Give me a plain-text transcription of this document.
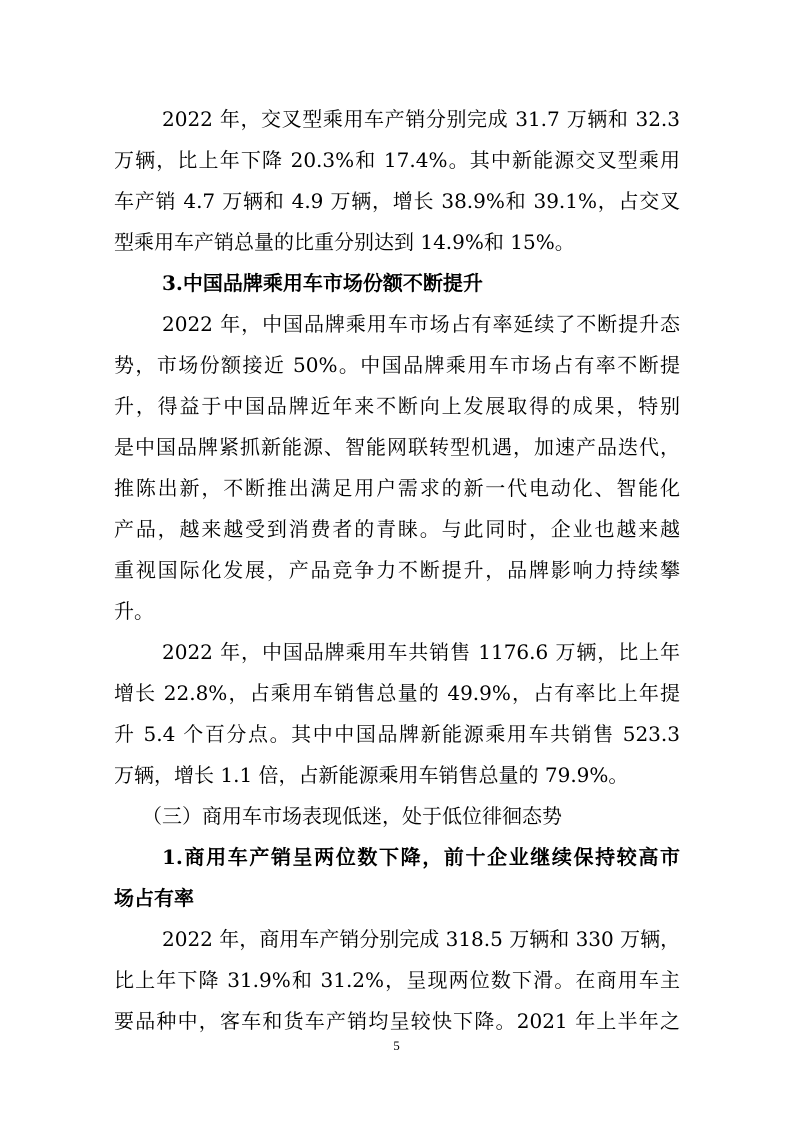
2022 年，交叉型乘用车产销分别完成 31.7 万辆和 32.3

万辆，比上年下降 20.3%和 17.4%。其中新能源交叉型乘用

车产销 4.7 万辆和 4.9 万辆，增长 38.9%和 39.1%，占交叉

型乘用车产销总量的比重分别达到 14.9%和 15%。

3.中国品牌乘用车市场份额不断提升

2022 年，中国品牌乘用车市场占有率延续了不断提升态

势，市场份额接近 50%。中国品牌乘用车市场占有率不断提

升，得益于中国品牌近年来不断向上发展取得的成果，特别

是中国品牌紧抓新能源、智能网联转型机遇，加速产品迭代，

推陈出新，不断推出满足用户需求的新一代电动化、智能化

产品，越来越受到消费者的青睐。与此同时，企业也越来越

重视国际化发展，产品竞争力不断提升，品牌影响力持续攀

升。

2022 年，中国品牌乘用车共销售 1176.6 万辆，比上年

增长 22.8%，占乘用车销售总量的 49.9%，占有率比上年提

升 5.4 个百分点。其中中国品牌新能源乘用车共销售 523.3

万辆，增长 1.1 倍，占新能源乘用车销售总量的 79.9%。

（三）商用车市场表现低迷，处于低位徘徊态势

1.商用车产销呈两位数下降，前十企业继续保持较高市

场占有率

2022 年，商用车产销分别完成 318.5 万辆和 330 万辆，

比上年下降 31.9%和 31.2%，呈现两位数下滑。在商用车主

要品种中，客车和货车产销均呈较快下降。2021 年上半年之

5
